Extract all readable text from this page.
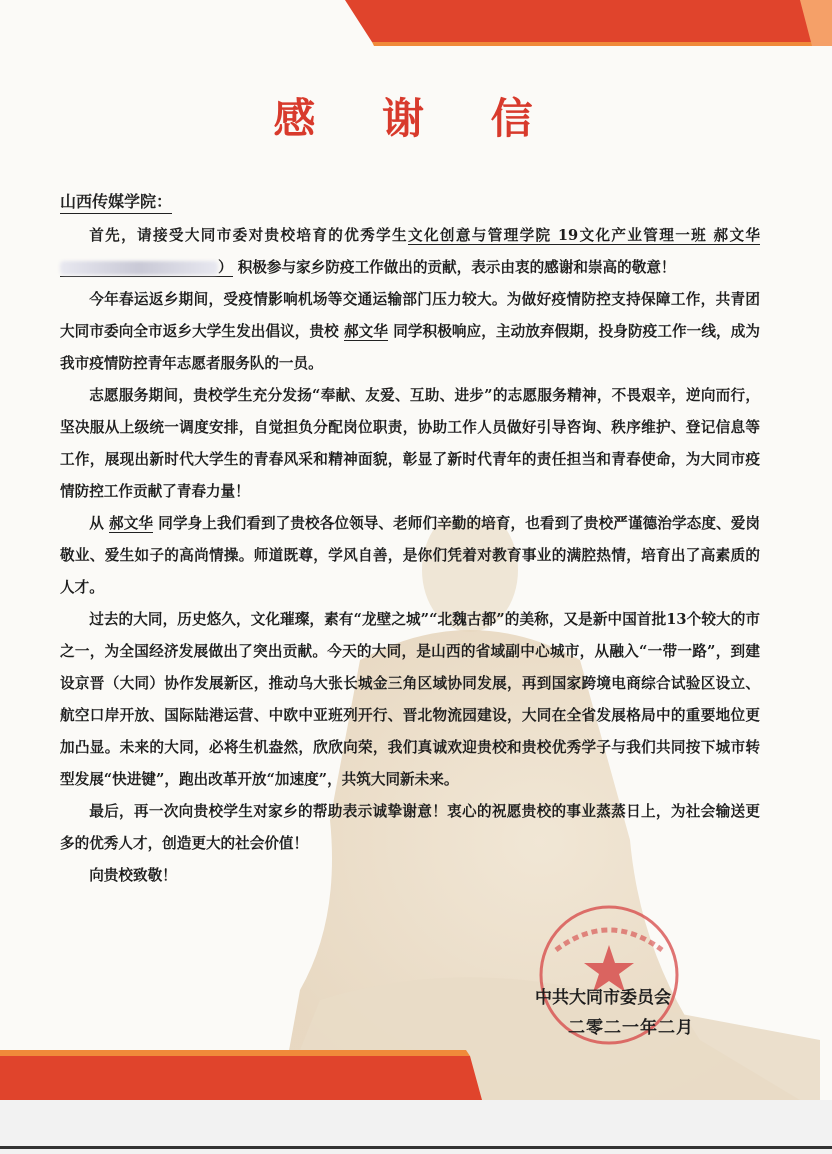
感 谢 信
山西传媒学院：

首先，请接受大同市委对贵校培育的优秀学生文化创意与管理学院 19文化产业管理一班 郝文华） 积极参与家乡防疫工作做出的贡献，表示由衷的感谢和崇高的敬意！

今年春运返乡期间，受疫情影响机场等交通运输部门压力较大。为做好疫情防控支持保障工作，共青团大同市委向全市返乡大学生发出倡议，贵校 郝文华 同学积极响应，主动放弃假期，投身防疫工作一线，成为我市疫情防控青年志愿者服务队的一员。

志愿服务期间，贵校学生充分发扬“奉献、友爱、互助、进步”的志愿服务精神，不畏艰辛，逆向而行，坚决服从上级统一调度安排，自觉担负分配岗位职责，协助工作人员做好引导咨询、秩序维护、登记信息等工作，展现出新时代大学生的青春风采和精神面貌，彰显了新时代青年的责任担当和青春使命，为大同市疫情防控工作贡献了青春力量！

从 郝文华 同学身上我们看到了贵校各位领导、老师们辛勤的培育，也看到了贵校严谨德治学态度、爱岗敬业、爱生如子的高尚情操。师道既尊，学风自善，是你们凭着对教育事业的满腔热情，培育出了高素质的人才。

过去的大同，历史悠久，文化璀璨，素有“龙壁之城”“北魏古都”的美称，又是新中国首批13个较大的市之一，为全国经济发展做出了突出贡献。今天的大同，是山西的省域副中心城市，从融入“一带一路”，到建设京晋（大同）协作发展新区，推动乌大张长城金三角区域协同发展，再到国家跨境电商综合试验区设立、航空口岸开放、国际陆港运营、中欧中亚班列开行、晋北物流园建设，大同在全省发展格局中的重要地位更加凸显。未来的大同，必将生机盎然，欣欣向荣，我们真诚欢迎贵校和贵校优秀学子与我们共同按下城市转型发展“快进键”，跑出改革开放“加速度”，共筑大同新未来。

最后，再一次向贵校学生对家乡的帮助表示诚挚谢意！衷心的祝愿贵校的事业蒸蒸日上，为社会输送更多的优秀人才，创造更大的社会价值！

向贵校致敬！

中共大同市委员会
二零二一年二月
